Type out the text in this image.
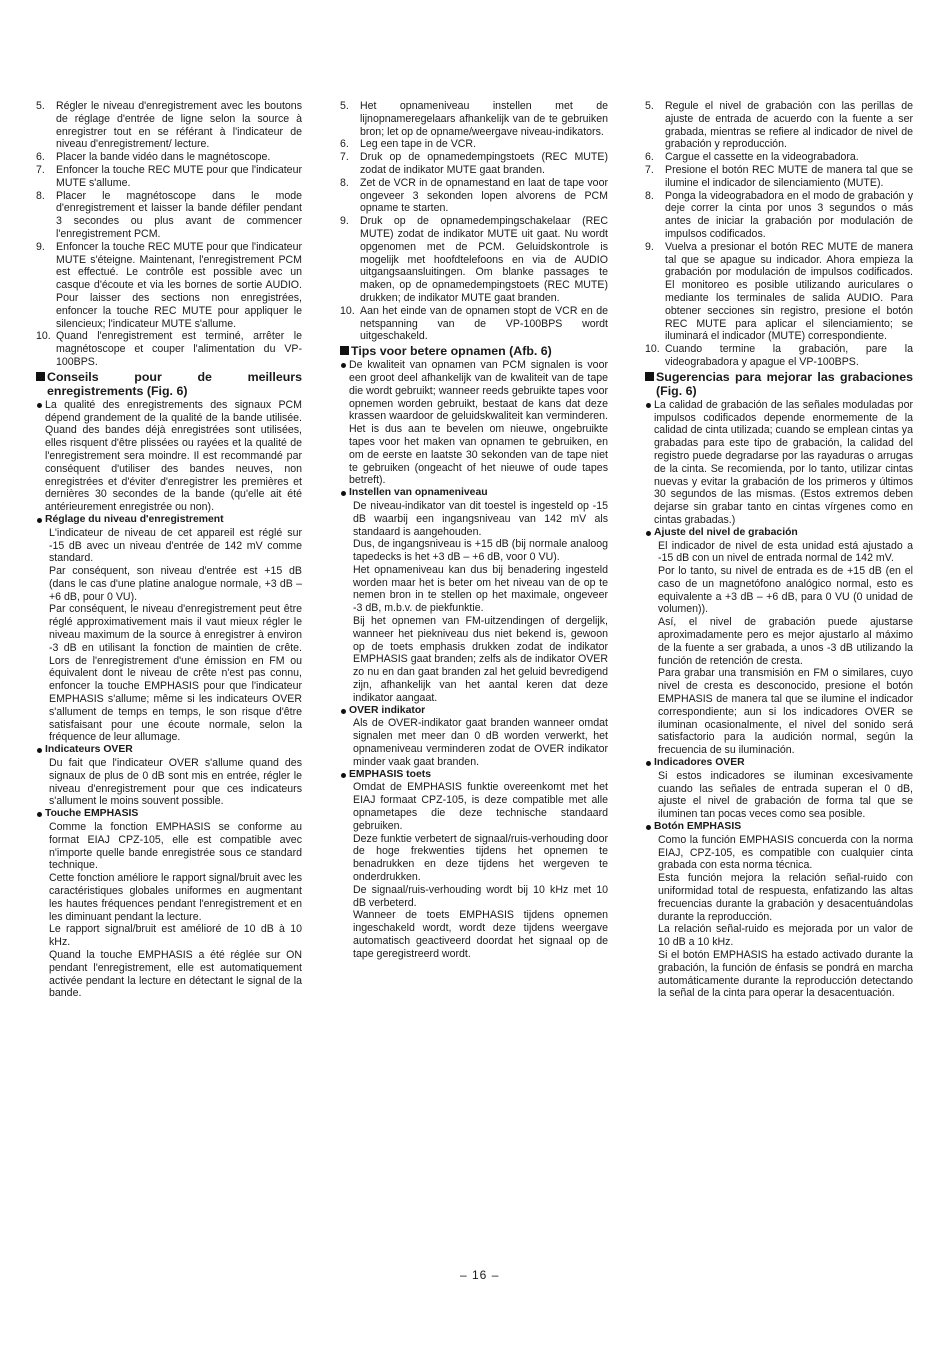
5.	Régler le niveau d'enregistrement avec les boutons de réglage d'entrée de ligne selon la source à enregistrer tout en se référant à l'indicateur de niveau d'enregistrement/ lecture.

6.	Placer la bande vidéo dans le magnétoscope.

7.	Enfoncer la touche REC MUTE pour que l'indicateur MUTE s'allume.

8.	Placer le magnétoscope dans le mode d'enregistrement et laisser la bande défiler pendant 3 secondes ou plus avant de commencer l'enregistrement PCM.

9.	Enfoncer la touche REC MUTE pour que l'indicateur MUTE s'éteigne. Maintenant, l'enregistrement PCM est effectué. Le contrôle est possible avec un casque d'écoute et via les bornes de sortie AUDIO. Pour laisser des sections non enregistrées, enfoncer la touche REC MUTE pour appliquer le silencieux; l'indicateur MUTE s'allume.

10. Quand l'enregistrement est terminé, arrêter le magnétoscope et couper l'alimentation du VP-100BPS.

Conseils pour de meilleurs enregistrements (Fig. 6)

La qualité des enregistrements des signaux PCM dépend grandement de la qualité de la bande utilisée. Quand des bandes déjà enregistrées sont utilisées, elles risquent d'être plissées ou rayées et la qualité de l'enregistrement sera moindre. Il est recommandé par conséquent d'utiliser des bandes neuves, non enregistrées et d'éviter d'enregistrer les premières et dernières 30 secondes de la bande (qu'elle ait été antérieurement enregistrée ou non).

Réglage du niveau d'enregistrement

L'indicateur de niveau de cet appareil est réglé sur -15 dB avec un niveau d'entrée de 142 mV comme standard.

Par conséquent, son niveau d'entrée est +15 dB (dans le cas d'une platine analogue normale, +3 dB – +6 dB, pour 0 VU).

Par conséquent, le niveau d'enregistrement peut être réglé approximativement mais il vaut mieux régler le niveau maximum de la source à enregistrer à environ -3 dB en utilisant la fonction de maintien de crête. Lors de l'enregistrement d'une émission en FM ou équivalent dont le niveau de crête n'est pas connu, enfoncer la touche EMPHASIS pour que l'indicateur EMPHASIS s'allume; même si les indicateurs OVER s'allument de temps en temps, le son risque d'être satisfaisant pour une écoute normale, selon la fréquence de leur allumage.

Indicateurs OVER

Du fait que l'indicateur OVER s'allume quand des signaux de plus de 0 dB sont mis en entrée, régler le niveau d'enregistrement pour que ces indicateurs s'allument le moins souvent possible.

Touche EMPHASIS

Comme la fonction EMPHASIS se conforme au format EIAJ CPZ-105, elle est compatible avec n'importe quelle bande enregistrée sous ce standard technique.

Cette fonction améliore le rapport signal/bruit avec les caractéristiques globales uniformes en augmentant les hautes fréquences pendant l'enregistrement et en les diminuant pendant la lecture.

Le rapport signal/bruit est amélioré de 10 dB à 10 kHz.

Quand la touche EMPHASIS a été réglée sur ON pendant l'enregistrement, elle est automatiquement activée pendant la lecture en détectant le signal de la bande.

5.	Het opnameniveau instellen met de lijnopnameregelaars afhankelijk van de te gebruiken bron; let op de opname/weergave niveau-indikators.

6.	Leg een tape in de VCR.

7.	Druk op de opnamedempingstoets (REC MUTE) zodat de indikator MUTE gaat branden.

8.	Zet de VCR in de opnamestand en laat de tape voor ongeveer 3 sekonden lopen alvorens de PCM opname te starten.

9.	Druk op de opnamedempingschakelaar (REC MUTE) zodat de indikator MUTE uit gaat. Nu wordt opgenomen met de PCM. Geluidskontrole is mogelijk met hoofdtelefoons en via de AUDIO uitgangsaansluitingen. Om blanke passages te maken, op de opnamedempingstoets (REC MUTE) drukken; de indikator MUTE gaat branden.

10. Aan het einde van de opnamen stopt de VCR en de netspanning van de VP-100BPS wordt uitgeschakeld.

Tips voor betere opnamen (Afb. 6)

De kwaliteit van opnamen van PCM signalen is voor een groot deel afhankelijk van de kwaliteit van de tape die wordt gebruikt; wanneer reeds gebruikte tapes voor opnemen worden gebruikt, bestaat de kans dat deze krassen waardoor de geluidskwaliteit kan verminderen. Het is dus aan te bevelen om nieuwe, ongebruikte tapes voor het maken van opnamen te gebruiken, en om de eerste en laatste 30 sekonden van de tape niet te gebruiken (ongeacht of het nieuwe of oude tapes betreft).

Instellen van opnameniveau

De niveau-indikator van dit toestel is ingesteld op -15 dB waarbij een ingangsniveau van 142 mV als standaard is aangehouden.

Dus, de ingangsniveau is +15 dB (bij normale analoog tapedecks is het +3 dB – +6 dB, voor 0 VU).

Het opnameniveau kan dus bij benadering ingesteld worden maar het is beter om het niveau van de op te nemen bron in te stellen op het maximale, ongeveer -3 dB, m.b.v. de piekfunktie.

Bij het opnemen van FM-uitzendingen of dergelijk, wanneer het piekniveau dus niet bekend is, gewoon op de toets emphasis drukken zodat de indikator EMPHASIS gaat branden; zelfs als de indikator OVER zo nu en dan gaat branden zal het geluid bevredigend zijn, afhankelijk van het aantal keren dat deze indikator aangaat.

OVER indikator

Als de OVER-indikator gaat branden wanneer omdat signalen met meer dan 0 dB worden verwerkt, het opnameniveau verminderen zodat de OVER indikator minder vaak gaat branden.

EMPHASIS toets

Omdat de EMPHASIS funktie overeenkomt met het EIAJ formaat CPZ-105, is deze compatible met alle opnametapes die deze technische standaard gebruiken.

Deze funktie verbetert de signaal/ruis-verhouding door de hoge frekwenties tijdens het opnemen te benadrukken en deze tijdens het wergeven te onderdrukken.

De signaal/ruis-verhouding wordt bij 10 kHz met 10 dB verbeterd.

Wanneer de toets EMPHASIS tijdens opnemen ingeschakeld wordt, wordt deze tijdens weergave automatisch geactiveerd doordat het signaal op de tape geregistreerd wordt.

5.	Regule el nivel de grabación con las perillas de ajuste de entrada de acuerdo con la fuente a ser grabada, mientras se refiere al indicador de nivel de grabación y reproducción.

6.	Cargue el cassette en la videograbadora.

7.	Presione el botón REC MUTE de manera tal que se ilumine el indicador de silenciamiento (MUTE).

8.	Ponga la videograbadora en el modo de grabación y deje correr la cinta por unos 3 segundos o más antes de iniciar la grabación por modulación de impulsos codificados.

9.	Vuelva a presionar el botón REC MUTE de manera tal que se apague su indicador. Ahora empieza la grabación por modulación de impulsos codificados. El monitoreo es posible utilizando auriculares o mediante los terminales de salida AUDIO. Para obtener secciones sin registro, presione el botón REC MUTE para aplicar el silenciamiento; se iluminará el indicador (MUTE) correspondiente.

10. Cuando termine la grabación, pare la videograbadora y apague el VP-100BPS.

Sugerencias para mejorar las grabaciones (Fig. 6)

La calidad de grabación de las señales moduladas por impulsos codificados depende enormemente de la calidad de cinta utilizada; cuando se emplean cintas ya grabadas para este tipo de grabación, la calidad del registro puede degradarse por las rayaduras o arrugas de la cinta. Se recomienda, por lo tanto, utilizar cintas nuevas y evitar la grabación de los primeros y últimos 30 segundos de las mismas. (Estos extremos deben dejarse sin grabar tanto en cintas vírgenes como en cintas grabadas.)

Ajuste del nivel de grabación

El indicador de nivel de esta unidad está ajustado a -15 dB con un nivel de entrada normal de 142 mV.

Por lo tanto, su nivel de entrada es de +15 dB (en el caso de un magnetófono analógico normal, esto es equivalente a +3 dB – +6 dB, para 0 VU (0 unidad de volumen)).

Así, el nivel de grabación puede ajustarse aproximadamente pero es mejor ajustarlo al máximo de la fuente a ser grabada, a unos -3 dB utilizando la función de retención de cresta.

Para grabar una transmisión en FM o similares, cuyo nivel de cresta es desconocido, presione el botón EMPHASIS de manera tal que se ilumine el indicador correspondiente; aun si los indicadores OVER se iluminan ocasionalmente, el nivel del sonido será satisfactorio para la audición normal, según la frecuencia de su iluminación.

Indicadores OVER

Si estos indicadores se iluminan excesivamente cuando las señales de entrada superan el 0 dB, ajuste el nivel de grabación de forma tal que se iluminen tan pocas veces como sea posible.

Botón EMPHASIS

Como la función EMPHASIS concuerda con la norma EIAJ, CPZ-105, es compatible con cualquier cinta grabada con esta norma técnica.

Esta función mejora la relación señal-ruido con uniformidad total de respuesta, enfatizando las altas frecuencias durante la grabación y desacentuándolas durante la reproducción.

La relación señal-ruido es mejorada por un valor de 10 dB a 10 kHz.

Si el botón EMPHASIS ha estado activado durante la grabación, la función de énfasis se pondrá en marcha automáticamente durante la reproducción detectando la señal de la cinta para operar la desacentuación.

– 16 –
